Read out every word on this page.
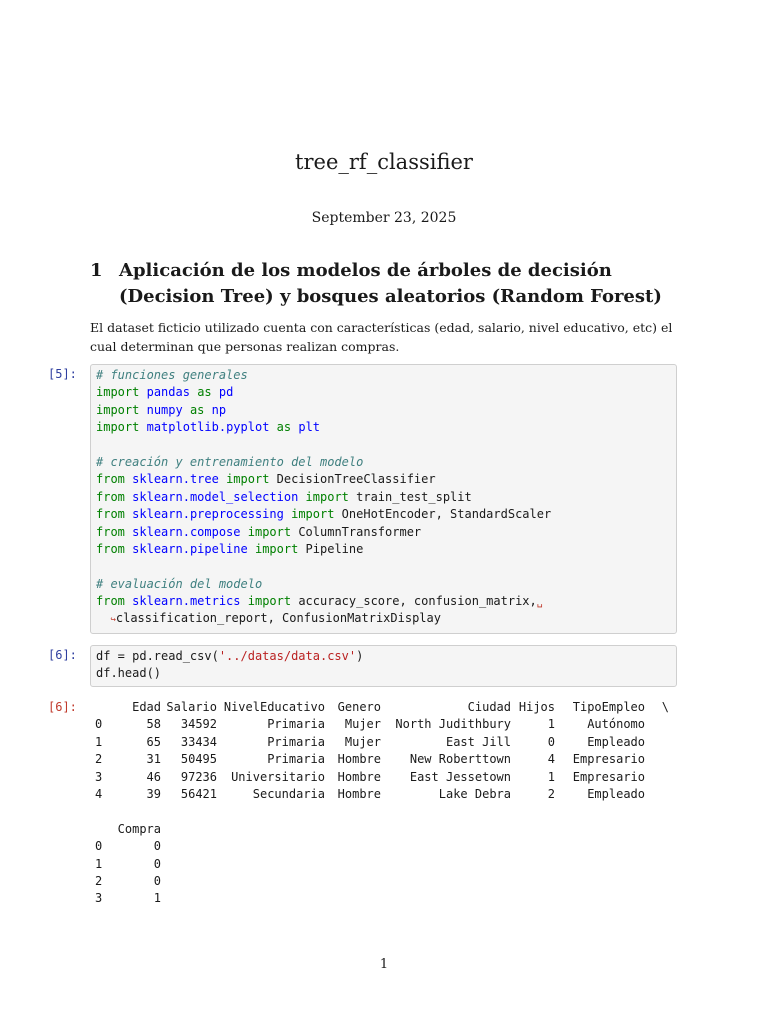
tree_rf_classifier
September 23, 2025
1 Aplicación de los modelos de árboles de decisión (Decision Tree) y bosques aleatorios (Random Forest)
El dataset ficticio utilizado cuenta con características (edad, salario, nivel educativo, etc) el cual determinan que personas realizan compras.
[5]:	# funciones generales
import pandas as pd
import numpy as np
import matplotlib.pyplot as plt

# creación y entrenamiento del modelo
from sklearn.tree import DecisionTreeClassifier
from sklearn.model_selection import train_test_split
from sklearn.preprocessing import OneHotEncoder, StandardScaler
from sklearn.compose import ColumnTransformer
from sklearn.pipeline import Pipeline

# evaluación del modelo
from sklearn.metrics import accuracy_score, confusion_matrix,␣
↪classification_report, ConfusionMatrixDisplay
[6]:	df = pd.read_csv('../datas/data.csv')
df.head()
[6]:
		Edad	Salario	NivelEducativo	Genero	Ciudad	Hijos	TipoEmpleo	\
0	58	34592	Primaria	Mujer	North Judithbury	1	Autónomo	
1	65	33434	Primaria	Mujer	East Jill	0	Empleado	
2	31	50495	Primaria	Hombre	New Roberttown	4	Empresario	
3	46	97236	Universitario	Hombre	East Jessetown	1	Empresario	
4	39	56421	Secundaria	Hombre	Lake Debra	2	Empleado	
	Compra
0	0
1	0
2	0
3	1
1
